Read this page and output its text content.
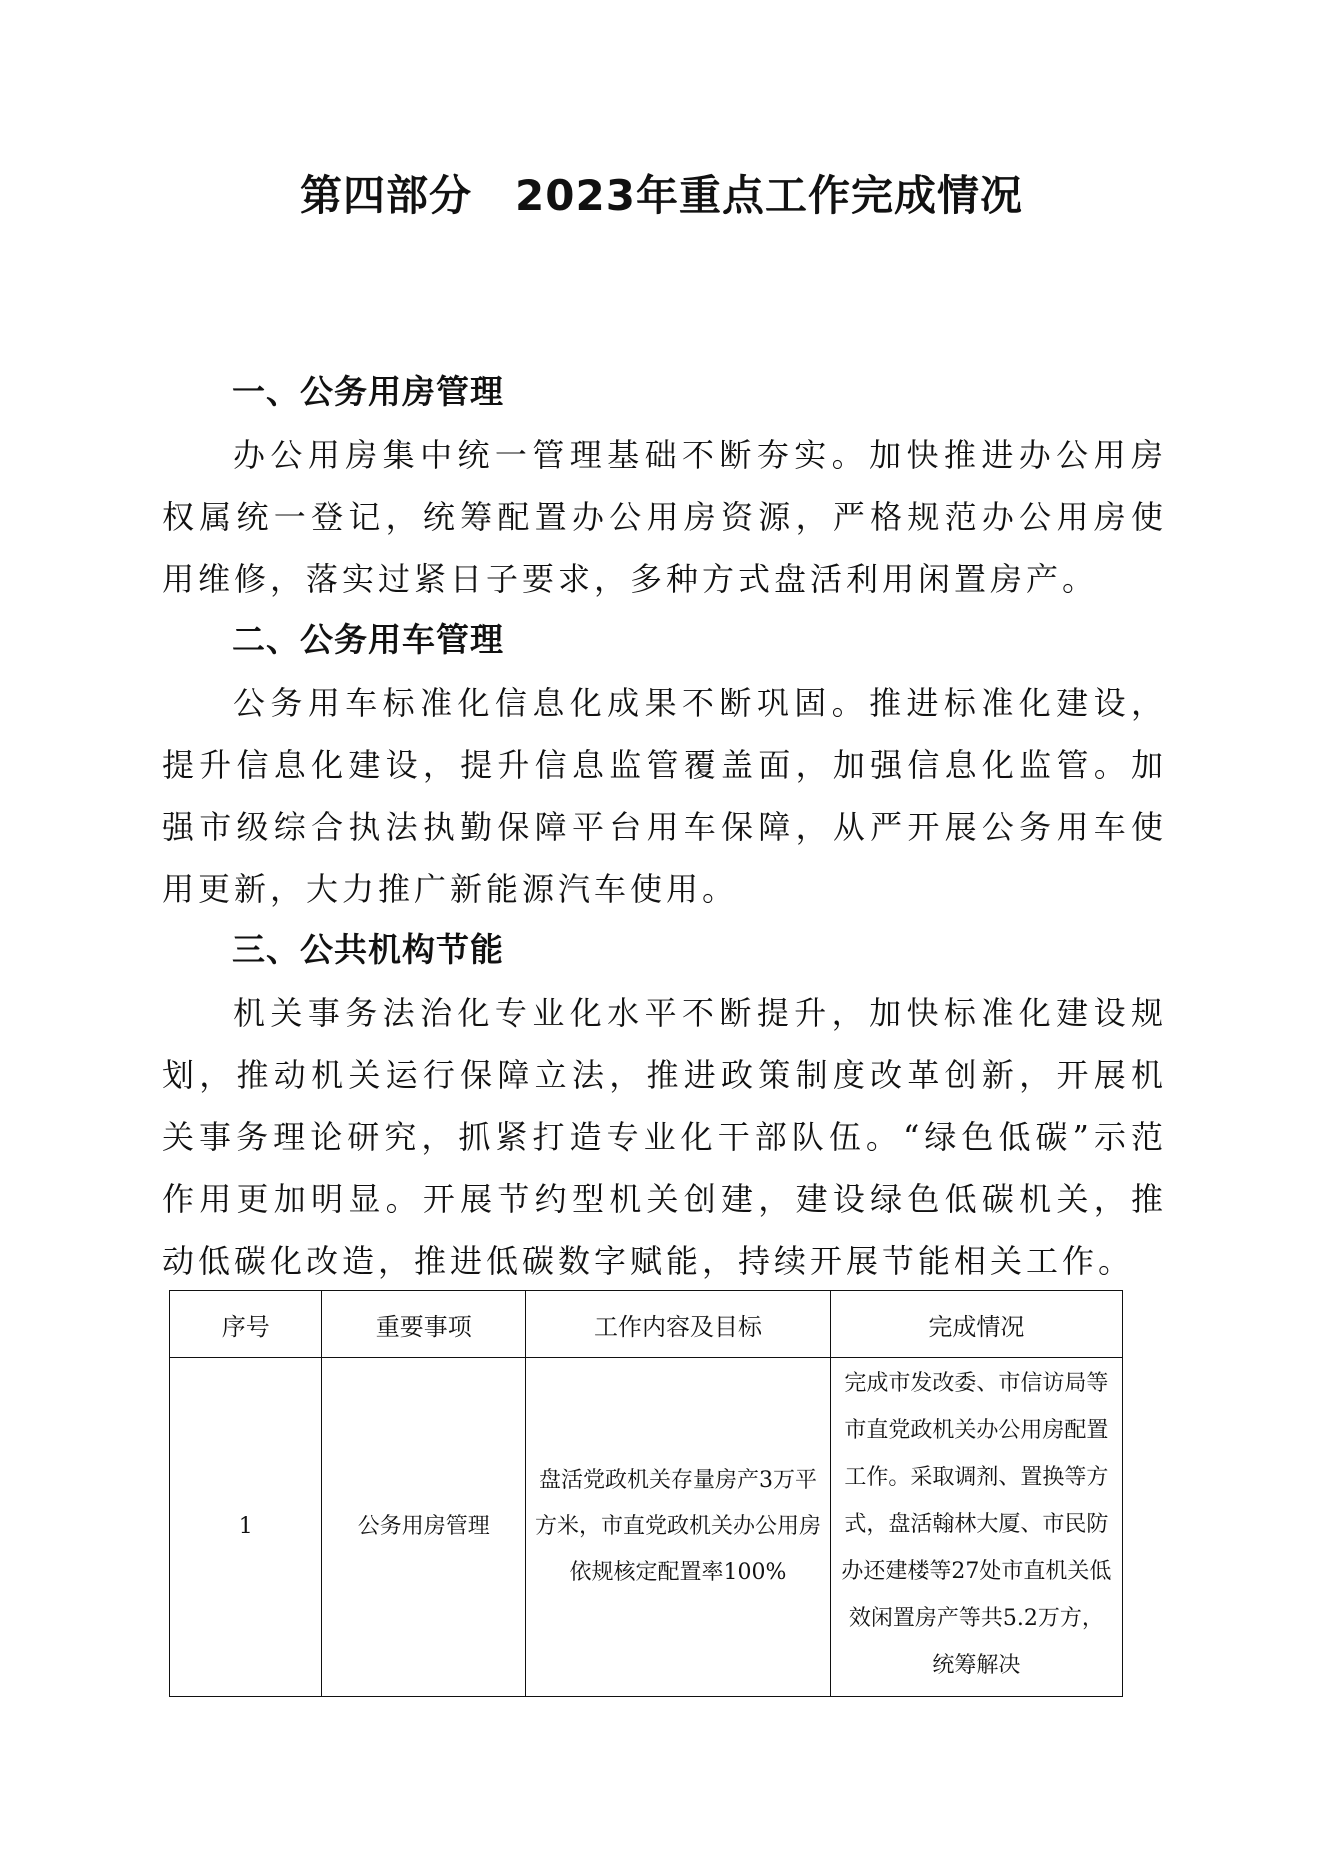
第四部分　2023年重点工作完成情况
一、公务用房管理

办公用房集中统一管理基础不断夯实。加快推进办公用房权属统一登记，统筹配置办公用房资源，严格规范办公用房使用维修，落实过紧日子要求，多种方式盘活利用闲置房产。

二、公务用车管理

公务用车标准化信息化成果不断巩固。推进标准化建设，提升信息化建设，提升信息监管覆盖面，加强信息化监管。加强市级综合执法执勤保障平台用车保障，从严开展公务用车使用更新，大力推广新能源汽车使用。

三、公共机构节能

机关事务法治化专业化水平不断提升，加快标准化建设规划，推动机关运行保障立法，推进政策制度改革创新，开展机关事务理论研究，抓紧打造专业化干部队伍。“绿色低碳”示范作用更加明显。开展节约型机关创建，建设绿色低碳机关，推动低碳化改造，推进低碳数字赋能，持续开展节能相关工作。

序号	重要事项	工作内容及目标	完成情况
1	公务用房管理	盘活党政机关存量房产3万平方米，市直党政机关办公用房依规核定配置率100%	完成市发改委、市信访局等市直党政机关办公用房配置工作。采取调剂、置换等方式，盘活翰林大厦、市民防办还建楼等27处市直机关低效闲置房产等共5.2万方，统筹解决
